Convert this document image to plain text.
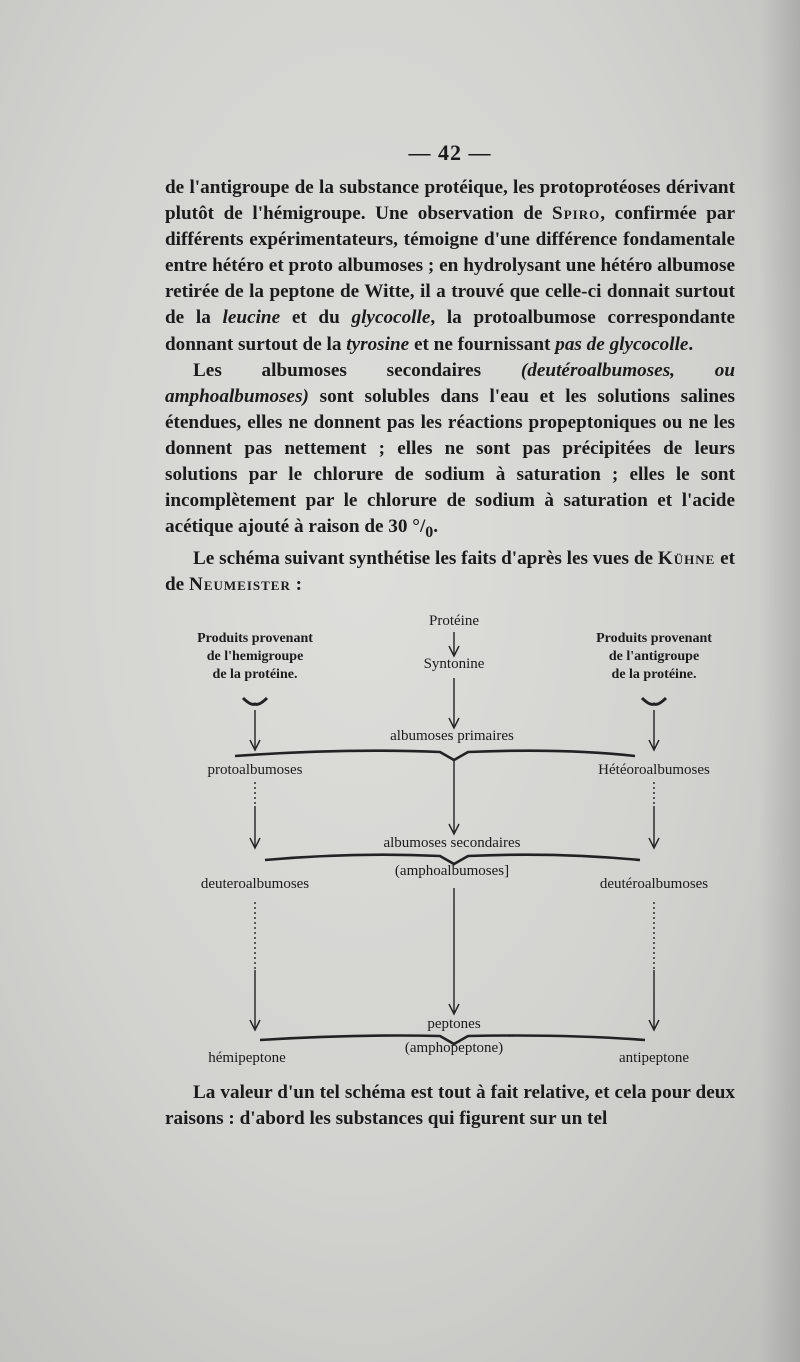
— 42 —

de l'antigroupe de la substance protéique, les protoprotéoses dérivant plutôt de l'hémigroupe. Une observation de Spiro, confirmée par différents expérimentateurs, témoigne d'une différence fondamentale entre hétéro et proto albumoses ; en hydrolysant une hétéro albumose retirée de la peptone de Witte, il a trouvé que celle-ci donnait surtout de la leucine et du glycocolle, la protoalbumose correspondante donnant surtout de la tyrosine et ne fournissant pas de glycocolle.

Les albumoses secondaires (deutéroalbumoses, ou amphoalbumoses) sont solubles dans l'eau et les solutions salines étendues, elles ne donnent pas les réactions propeptoniques ou ne les donnent pas nettement ; elles ne sont pas précipitées de leurs solutions par le chlorure de sodium à saturation ; elles le sont incomplètement par le chlorure de sodium à saturation et l'acide acétique ajouté à raison de 30 $^\circ/_0$.

Le schéma suivant synthétise les faits d'après les vues de Kühne et de Neumeister :

Produits provenant
de l'hemigroupe
de la protéine.
Produits provenant
de l'antigroupe
de la protéine.
Protéine
Syntonine
albumoses primaires
protoalbumoses	Hétéoroalbumoses
albumoses secondaires
(amphoalbumoses]
deuteroalbumoses	deutéroalbumoses
peptones
(amphopeptone)
hémipeptone	antipeptone

La valeur d'un tel schéma est tout à fait relative, et cela pour deux raisons : d'abord les substances qui figurent sur un tel
